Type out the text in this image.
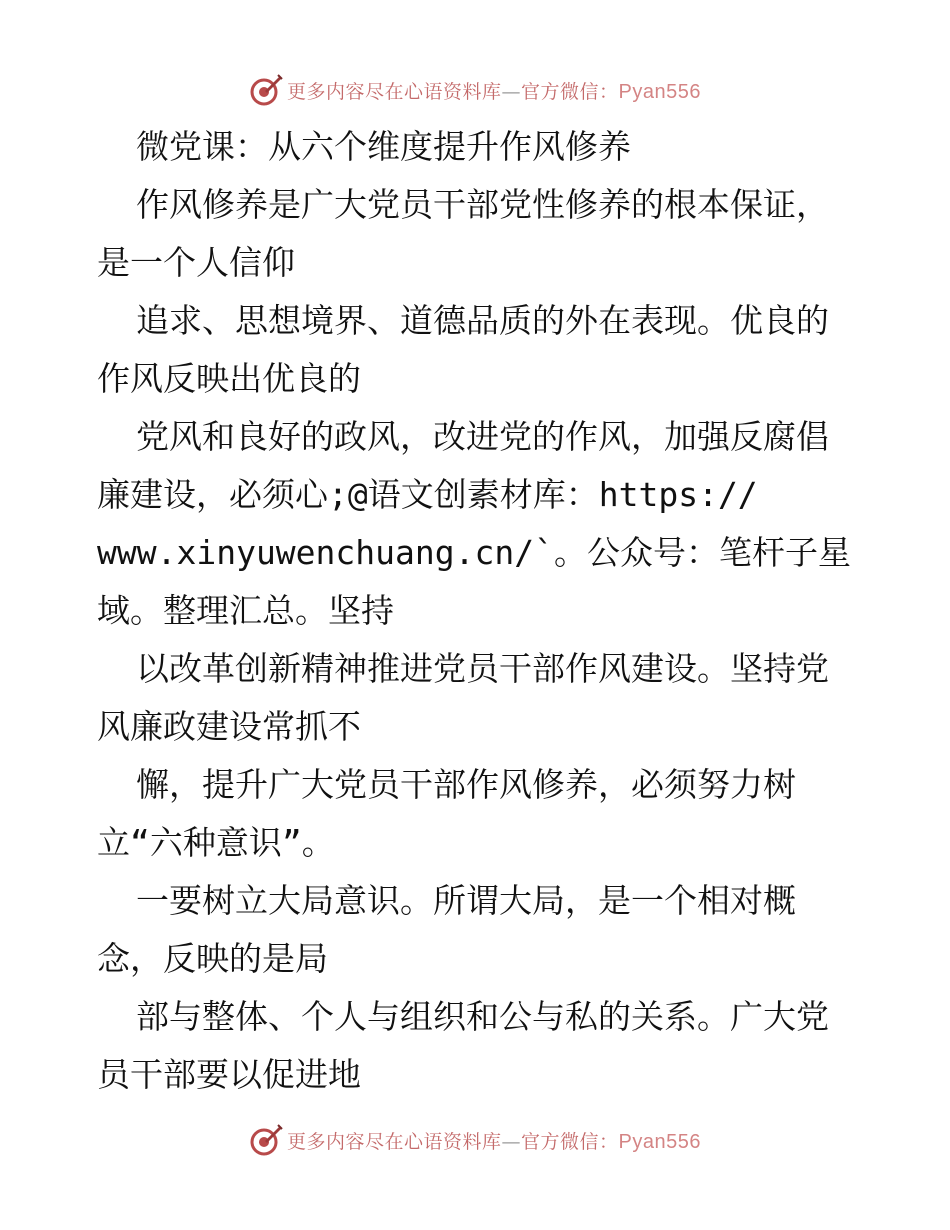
更多内容尽在心语资料库—官方微信：Pyan556
微党课：从六个维度提升作风修养
作风修养是广大党员干部党性修养的根本保证，
是一个人信仰
追求、思想境界、道德品质的外在表现。优良的
作风反映出优良的
党风和良好的政风，改进党的作风，加强反腐倡
廉建设，必须心;@语文创素材库：https://
www.xinyuwenchuang.cn/`。公众号：笔杆子星
域。整理汇总。坚持
以改革创新精神推进党员干部作风建设。坚持党
风廉政建设常抓不
懈，提升广大党员干部作风修养，必须努力树
立“六种意识”。
一要树立大局意识。所谓大局，是一个相对概
念，反映的是局
部与整体、个人与组织和公与私的关系。广大党
员干部要以促进地
更多内容尽在心语资料库—官方微信：Pyan556
